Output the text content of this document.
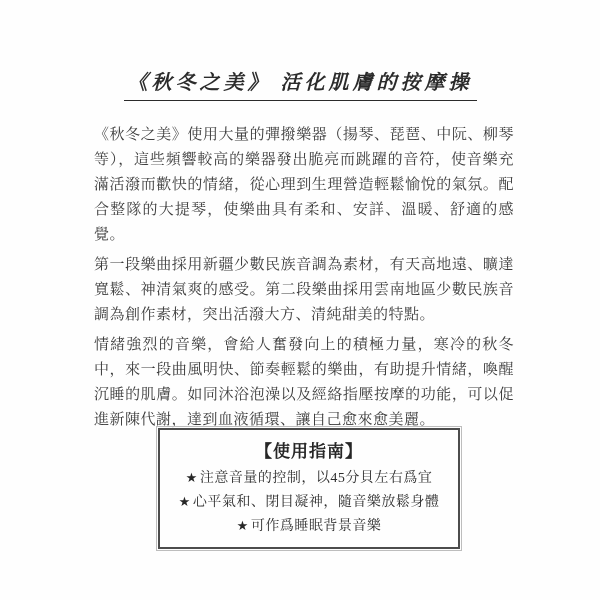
《秋冬之美》 活化肌膚的按摩操

《秋冬之美》使用大量的彈撥樂器（揚琴、琵琶、中阮、柳琴等），這些頻響較高的樂器發出脆亮而跳躍的音符，使音樂充滿活潑而歡快的情緒，從心理到生理營造輕鬆愉悅的氣氛。配合整隊的大提琴，使樂曲具有柔和、安詳、溫暖、舒適的感覺。

第一段樂曲採用新疆少數民族音調為素材，有天高地遠、曠達寬鬆、神清氣爽的感受。第二段樂曲採用雲南地區少數民族音調為創作素材，突出活潑大方、清純甜美的特點。

情緒強烈的音樂，會給人奮發向上的積極力量，寒冷的秋冬中，來一段曲風明快、節奏輕鬆的樂曲，有助提升情緒，喚醒沉睡的肌膚。如同沐浴泡澡以及經絡指壓按摩的功能，可以促進新陳代謝，達到血液循環、讓自己愈來愈美麗。

【使用指南】
★ 注意音量的控制，以45分貝左右爲宜
★ 心平氣和、閉目凝神，隨音樂放鬆身體
★ 可作爲睡眠背景音樂
